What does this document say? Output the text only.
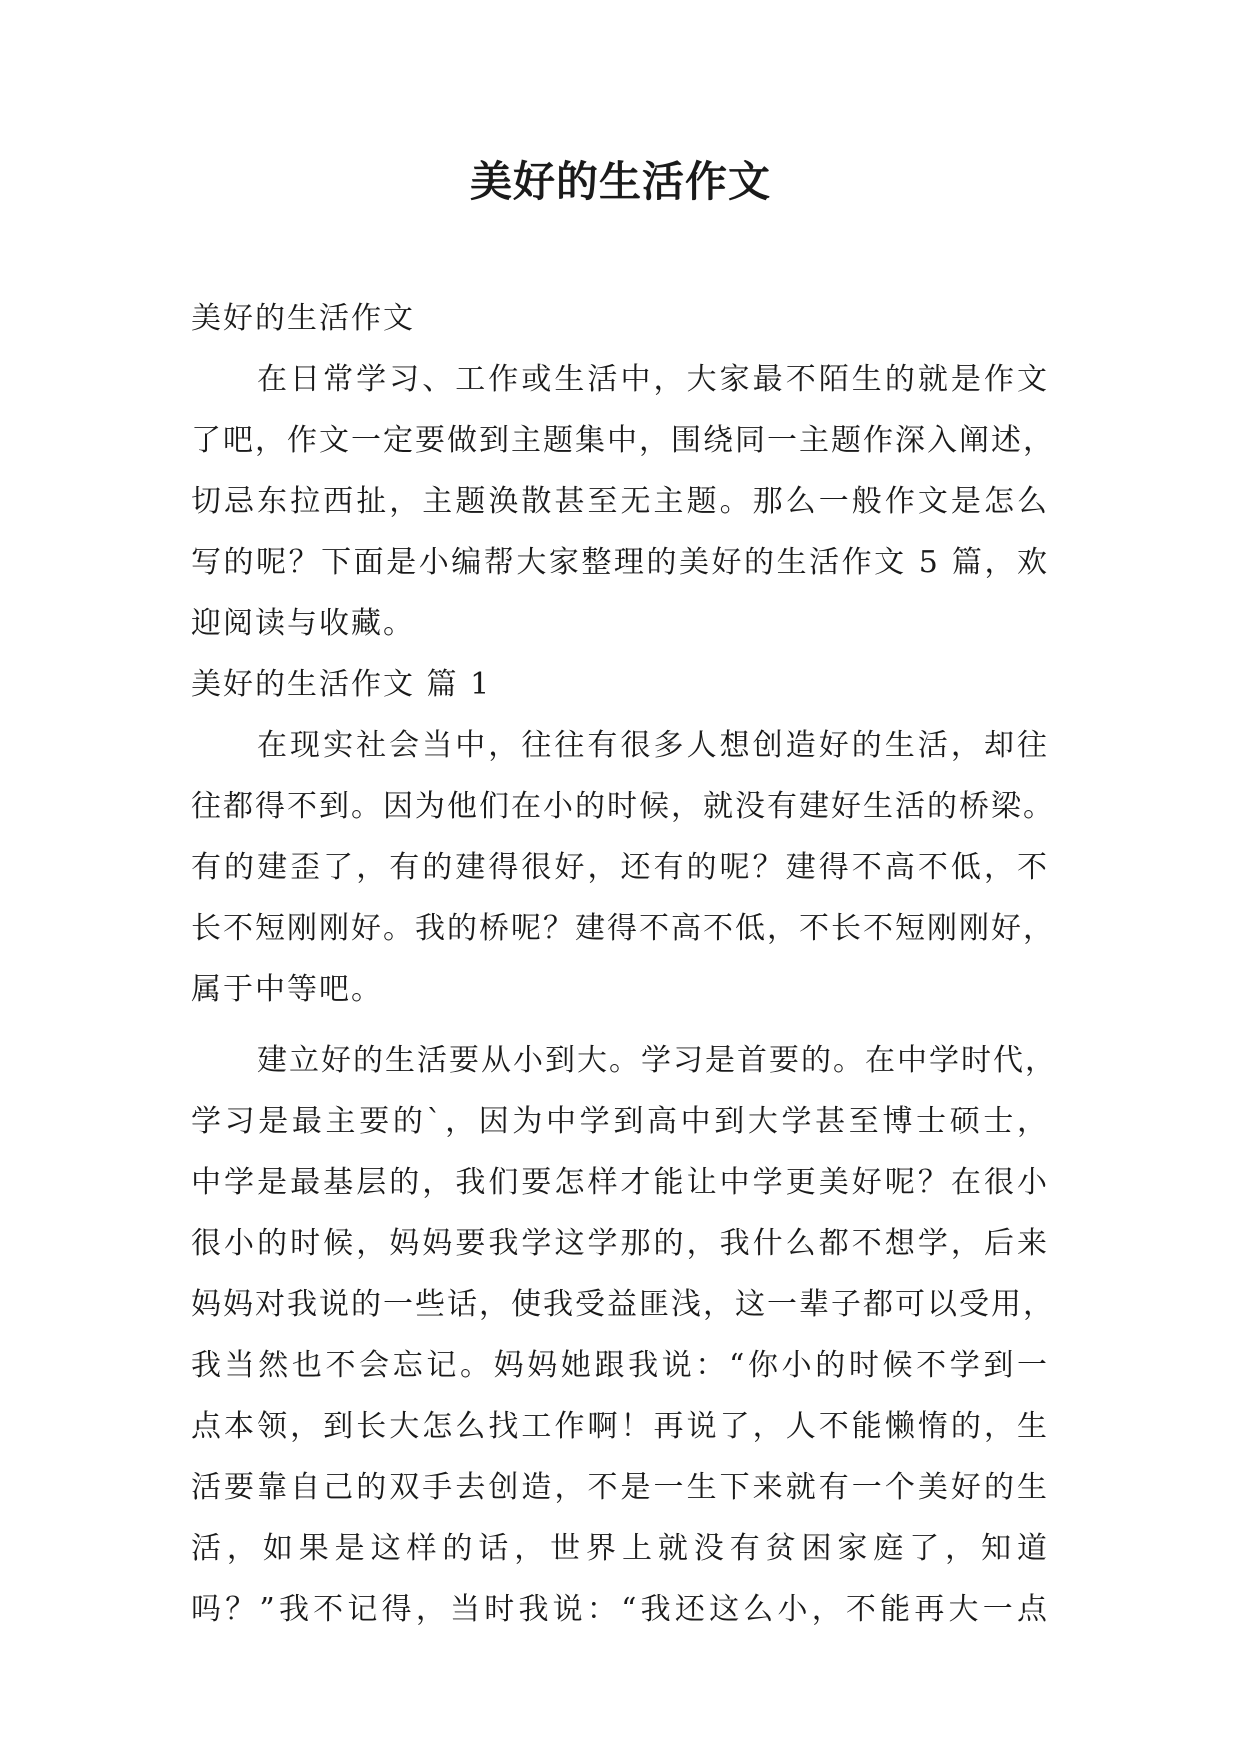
美好的生活作文

美好的生活作文

在日常学习、工作或生活中，大家最不陌生的就是作文

了吧，作文一定要做到主题集中，围绕同一主题作深入阐述，

切忌东拉西扯，主题涣散甚至无主题。那么一般作文是怎么

写的呢？下面是小编帮大家整理的美好的生活作文 5 篇，欢

迎阅读与收藏。

美好的生活作文 篇 1

在现实社会当中，往往有很多人想创造好的生活，却往

往都得不到。因为他们在小的时候，就没有建好生活的桥梁。

有的建歪了，有的建得很好，还有的呢？建得不高不低，不

长不短刚刚好。我的桥呢？建得不高不低，不长不短刚刚好，

属于中等吧。

建立好的生活要从小到大。学习是首要的。在中学时代，

学习是最主要的`，因为中学到高中到大学甚至博士硕士，

中学是最基层的，我们要怎样才能让中学更美好呢？在很小

很小的时候，妈妈要我学这学那的，我什么都不想学，后来

妈妈对我说的一些话，使我受益匪浅，这一辈子都可以受用，

我当然也不会忘记。妈妈她跟我说：“你小的时候不学到一

点本领，到长大怎么找工作啊！再说了，人不能懒惰的，生

活要靠自己的双手去创造，不是一生下来就有一个美好的生

活，如果是这样的话，世界上就没有贫困家庭了，知道

吗？”我不记得，当时我说：“我还这么小，不能再大一点
